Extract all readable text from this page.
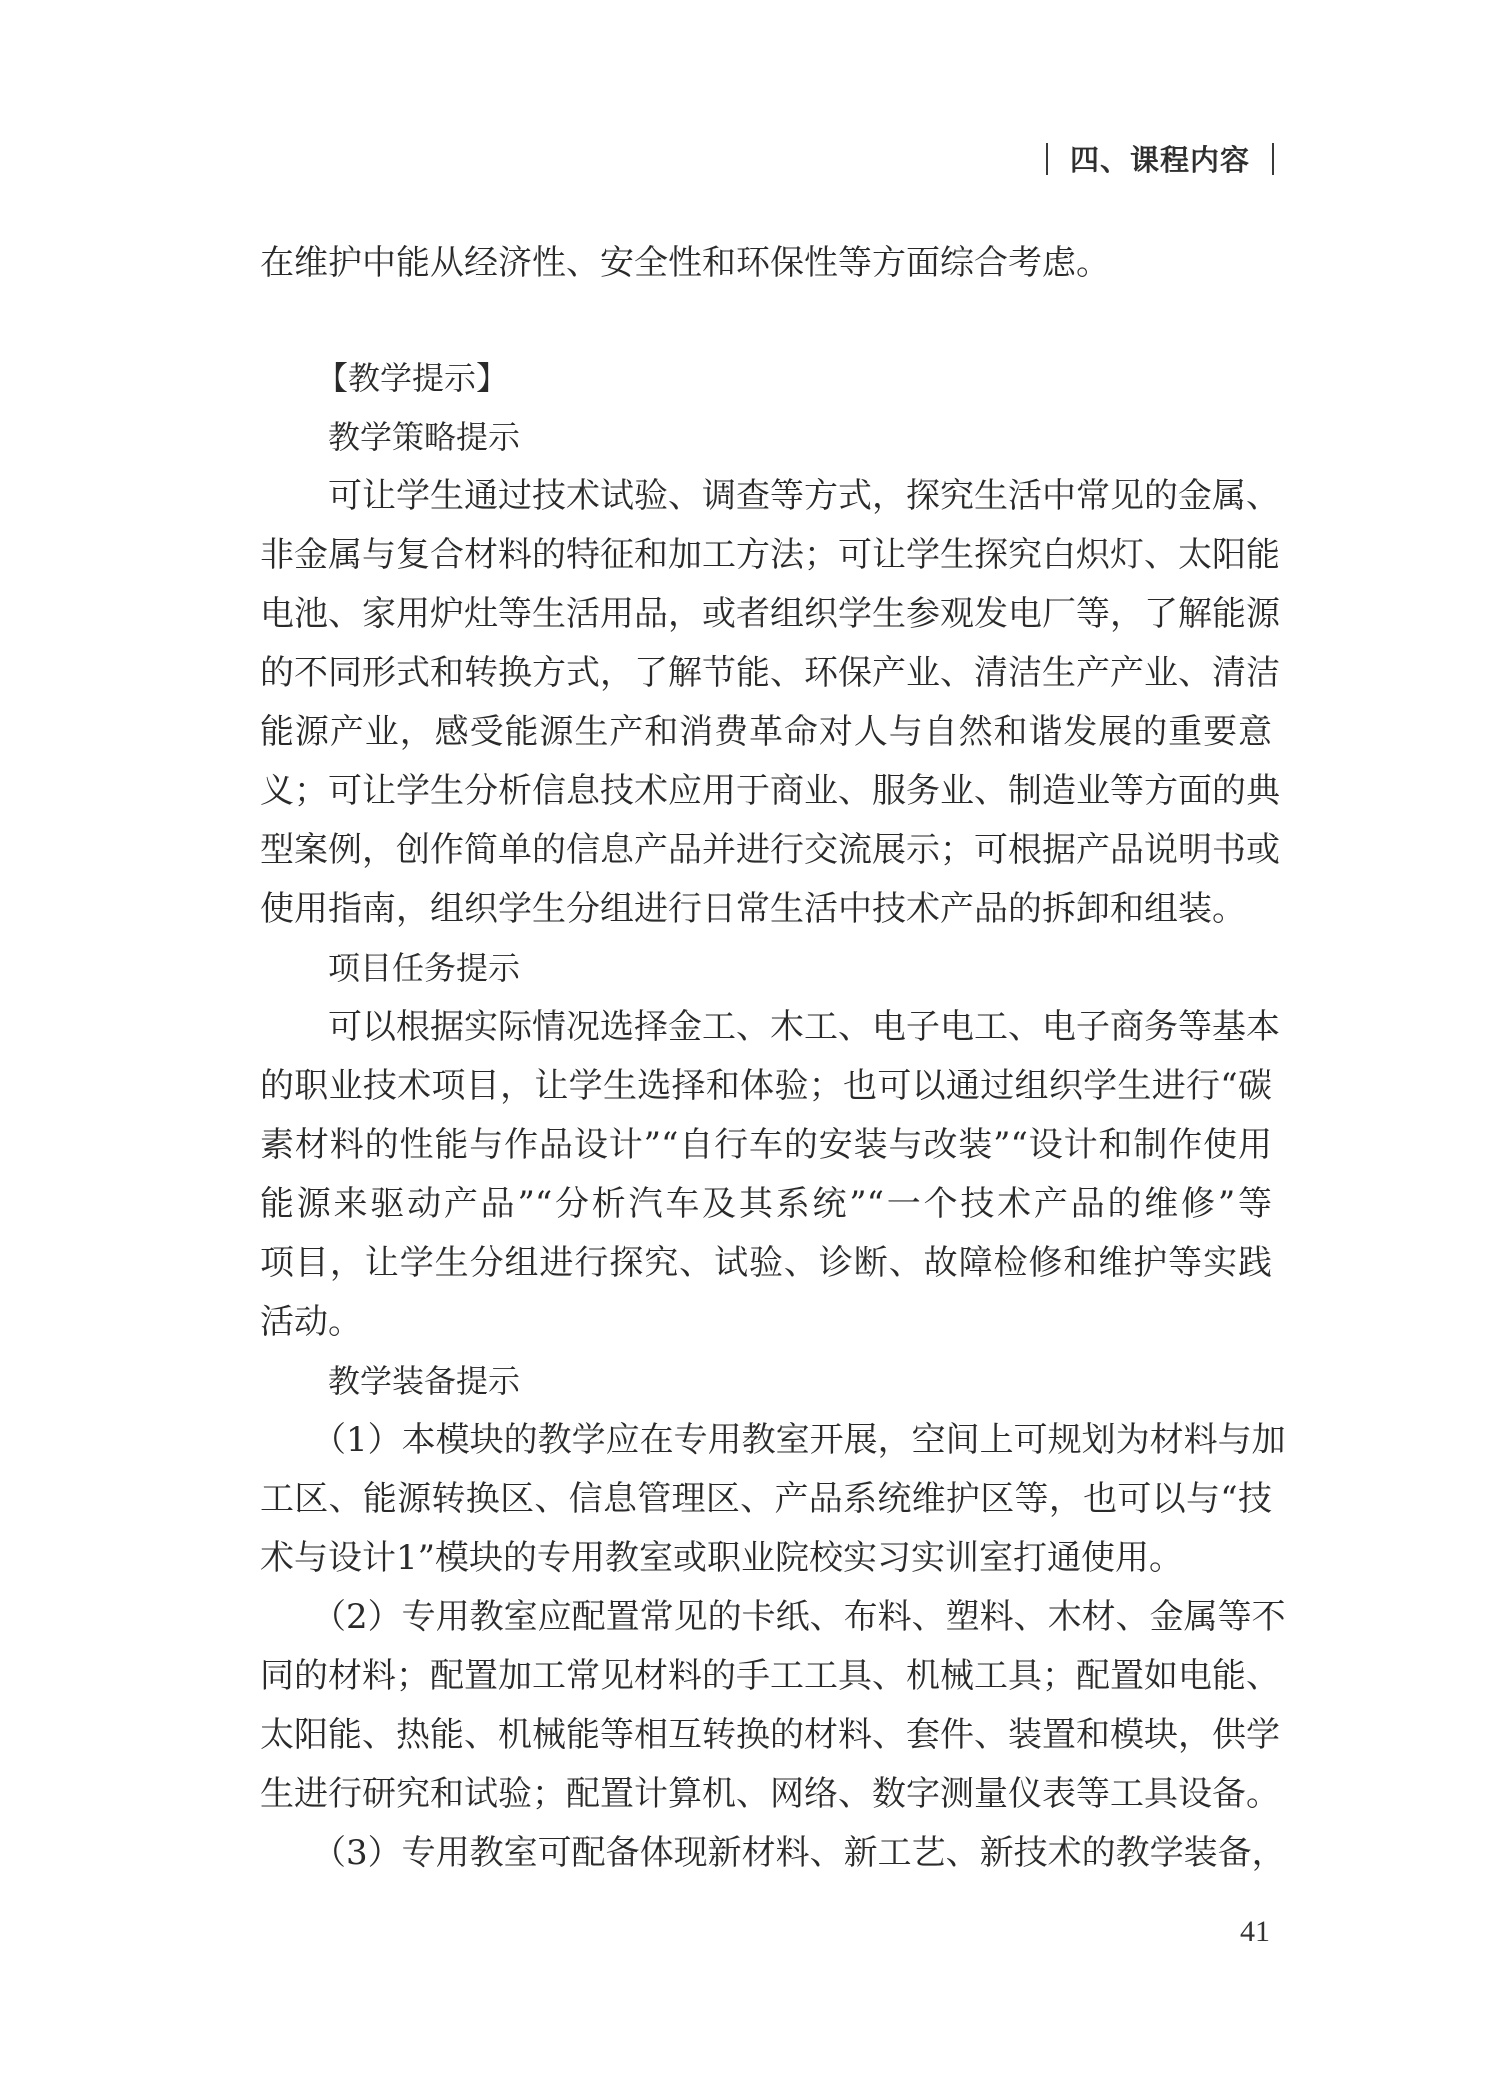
四、课程内容
在维护中能从经济性、安全性和环保性等方面综合考虑。
【教学提示】
教学策略提示
可让学生通过技术试验、调查等方式，探究生活中常见的金属、
非金属与复合材料的特征和加工方法；可让学生探究白炽灯、太阳能
电池、家用炉灶等生活用品，或者组织学生参观发电厂等，了解能源
的不同形式和转换方式，了解节能、环保产业、清洁生产产业、清洁
能源产业，感受能源生产和消费革命对人与自然和谐发展的重要意
义；可让学生分析信息技术应用于商业、服务业、制造业等方面的典
型案例，创作简单的信息产品并进行交流展示；可根据产品说明书或
使用指南，组织学生分组进行日常生活中技术产品的拆卸和组装。
项目任务提示
可以根据实际情况选择金工、木工、电子电工、电子商务等基本
的职业技术项目，让学生选择和体验；也可以通过组织学生进行“碳
素材料的性能与作品设计”“自行车的安装与改装”“设计和制作使用
能源来驱动产品”“分析汽车及其系统”“一个技术产品的维修”等
项目，让学生分组进行探究、试验、诊断、故障检修和维护等实践
活动。
教学装备提示
（1）本模块的教学应在专用教室开展，空间上可规划为材料与加
工区、能源转换区、信息管理区、产品系统维护区等，也可以与“技
术与设计1”模块的专用教室或职业院校实习实训室打通使用。
（2）专用教室应配置常见的卡纸、布料、塑料、木材、金属等不
同的材料；配置加工常见材料的手工工具、机械工具；配置如电能、
太阳能、热能、机械能等相互转换的材料、套件、装置和模块，供学
生进行研究和试验；配置计算机、网络、数字测量仪表等工具设备。
（3）专用教室可配备体现新材料、新工艺、新技术的教学装备，
41
